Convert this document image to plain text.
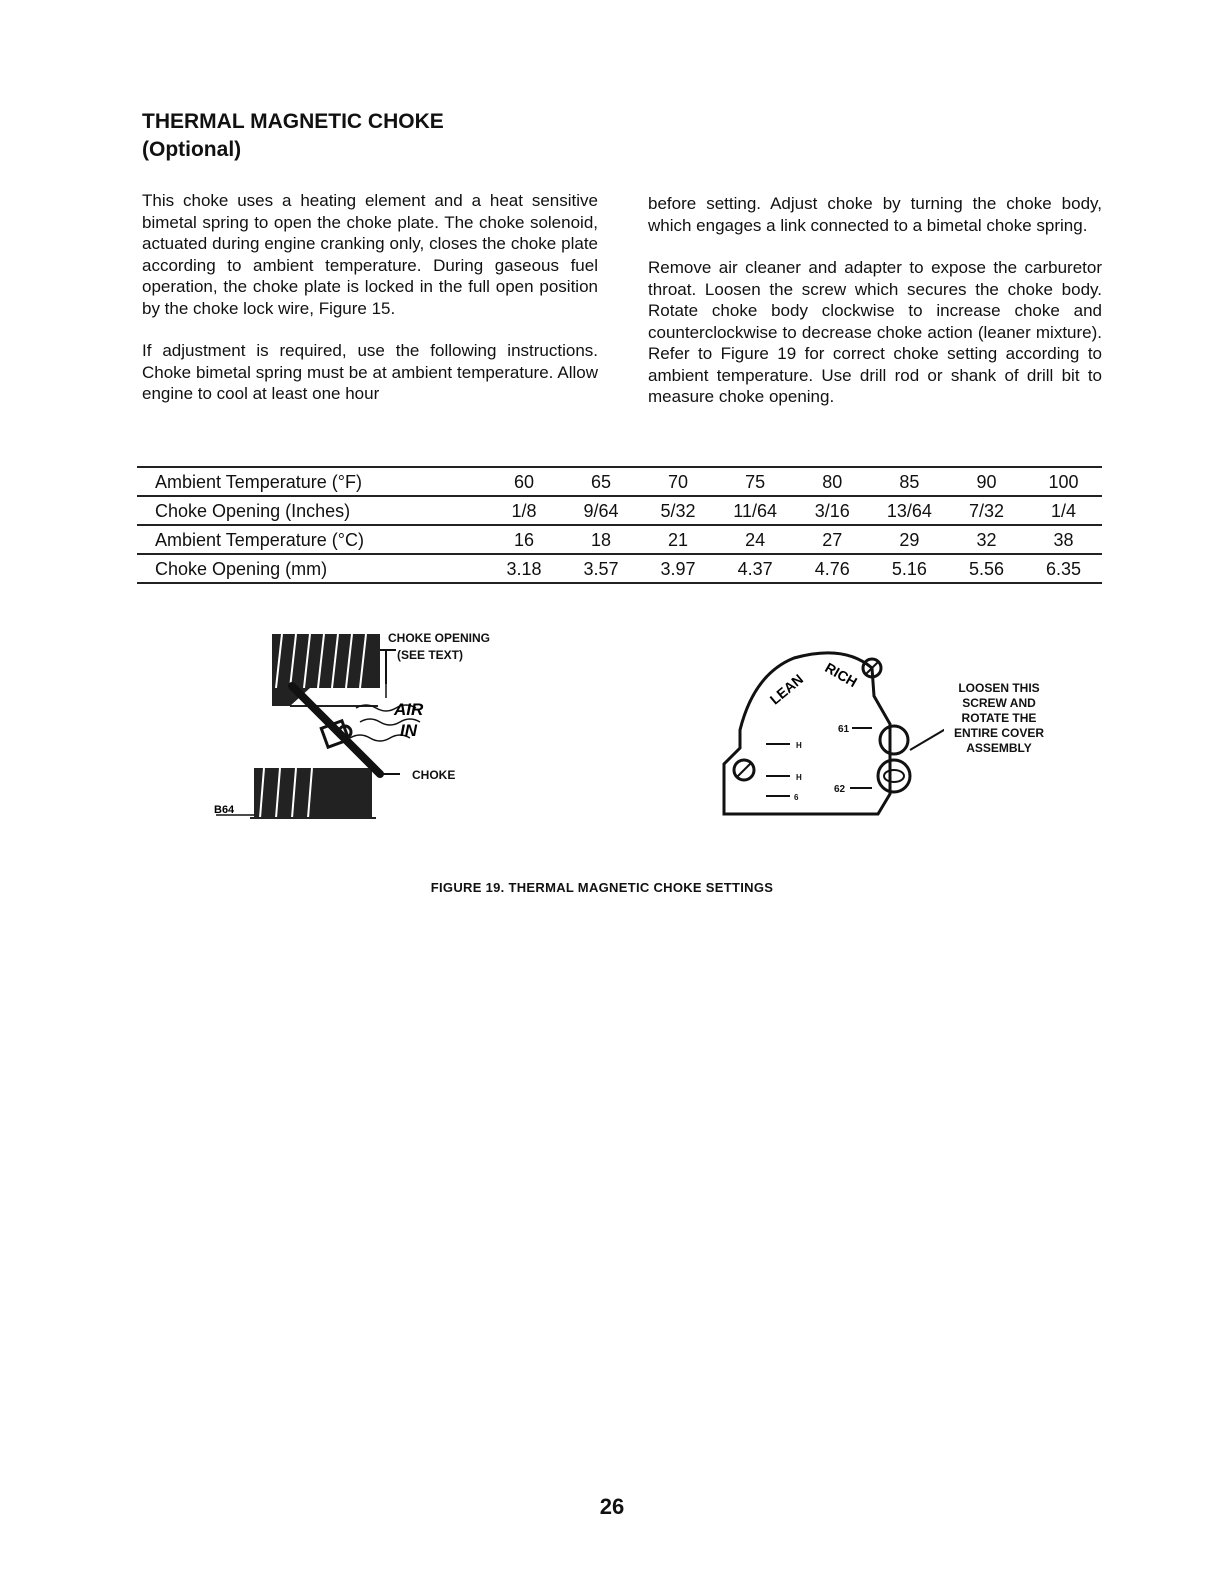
THERMAL MAGNETIC CHOKE
(Optional)

This choke uses a heating element and a heat sensitive bimetal spring to open the choke plate. The choke solenoid, actuated during engine cranking only, closes the choke plate according to ambient temperature. During gaseous fuel operation, the choke plate is locked in the full open position by the choke lock wire, Figure 15.

If adjustment is required, use the following instructions. Choke bimetal spring must be at ambient temperature. Allow engine to cool at least one hour

before setting. Adjust choke by turning the choke body, which engages a link connected to a bimetal choke spring.

Remove air cleaner and adapter to expose the carburetor throat. Loosen the screw which secures the choke body. Rotate choke body clockwise to increase choke and counterclockwise to decrease choke action (leaner mixture). Refer to Figure 19 for correct choke setting according to ambient temperature. Use drill rod or shank of drill bit to measure choke opening.

Ambient Temperature (°F)	60	65	70	75	80	85	90	100
Choke Opening (Inches)	1/8	9/64	5/32	11/64	3/16	13/64	7/32	1/4
Ambient Temperature (°C)	16	18	21	24	27	29	32	38
Choke Opening (mm)	3.18	3.57	3.97	4.37	4.76	5.16	5.56	6.35
AIR
IN
B64
CHOKE OPENING
(SEE TEXT)
CHOKE
61
H
H
6
62
LEAN RICH	LOOSEN THIS
SCREW AND
ROTATE THE
ENTIRE COVER
ASSEMBLY
FIGURE 19. THERMAL MAGNETIC CHOKE SETTINGS
26
